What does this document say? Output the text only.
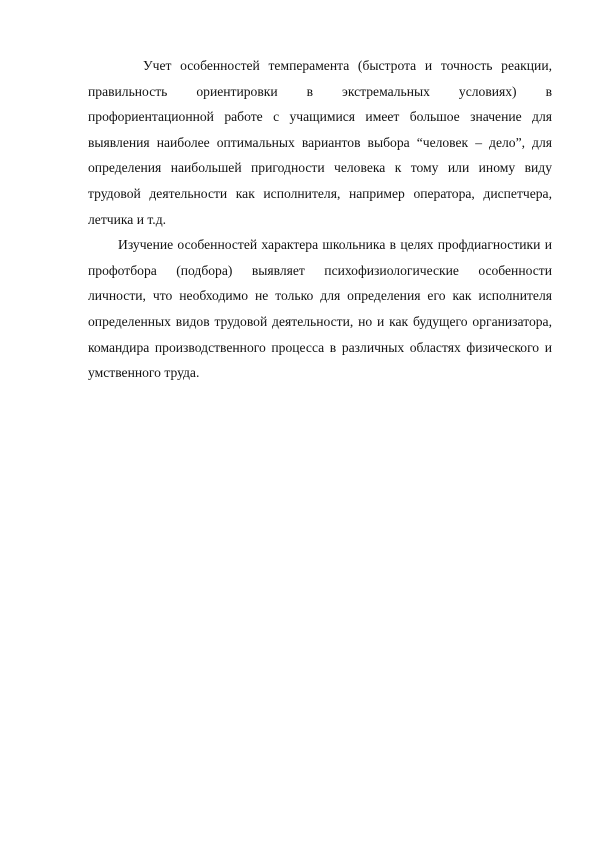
Учет особенностей темперамента (быстрота и точность реакции,
правильность ориентировки в экстремальных условиях) в
профориентационной работе с учащимися имеет большое значение для
выявления наиболее оптимальных вариантов выбора “человек – дело”, для
определения наибольшей пригодности человека к тому или иному виду
трудовой деятельности как исполнителя, например оператора, диспетчера,
летчика и т.д.

Изучение особенностей характера школьника в целях профдиагностики и
профотбора (подбора) выявляет психофизиологические особенности
личности, что необходимо не только для определения его как исполнителя
определенных видов трудовой деятельности, но и как будущего организатора,
командира производственного процесса в различных областях физического и
умственного труда.
